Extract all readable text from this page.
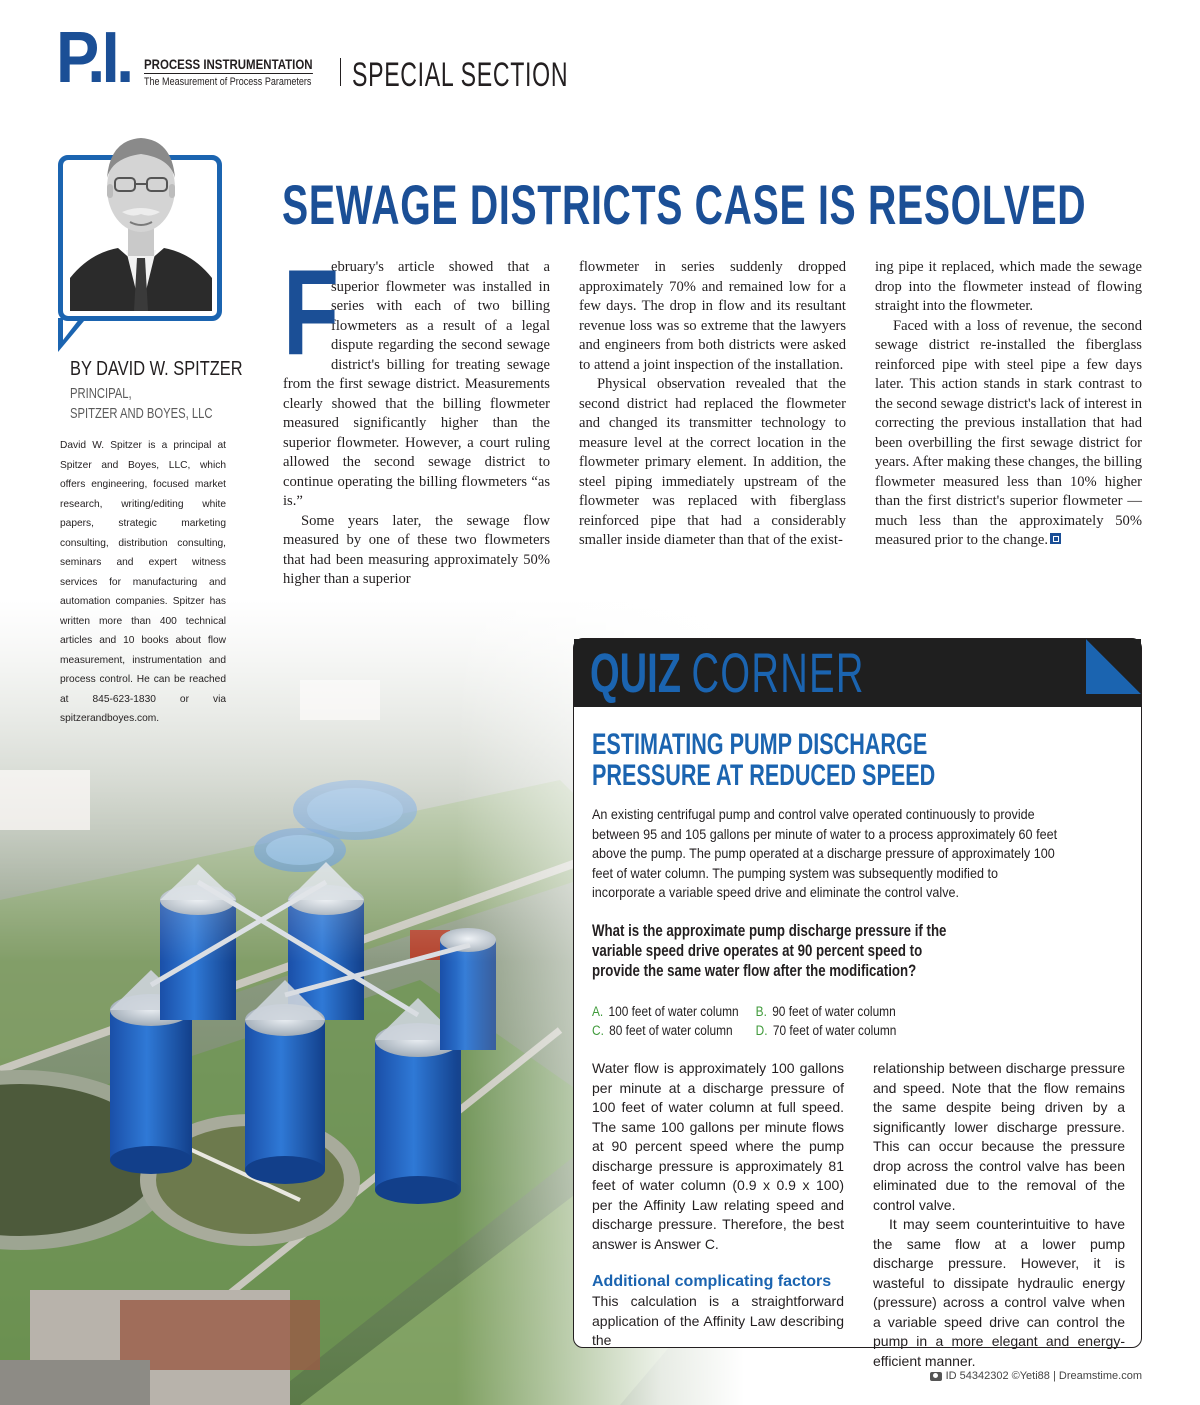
P.I. PROCESS INSTRUMENTATION
The Measurement of Process Parameters SPECIAL SECTION
BY DAVID W. SPITZER
PRINCIPAL,
SPITZER AND BOYES, LLC
David W. Spitzer is a principal at Spitzer and Boyes, LLC, which offers engineering, focused market research, writing/editing white papers, strategic marketing consulting, distribution consulting, seminars and expert witness services for manufacturing and automation companies. Spitzer has written more than 400 technical articles and 10 books about flow measurement, instrumentation and process control. He can be reached at 845-623-1830 or via spitzerandboyes.com.
SEWAGE DISTRICTS CASE IS RESOLVED

F
ebruary's article showed that a superior flowmeter was installed in series with each of two billing flowmeters as a result of a legal dispute regarding the second sewage district's billing for treating sewage from the first sewage district. Measurements clearly showed that the billing flowmeter measured significantly higher than the superior flowmeter. However, a court ruling allowed the second sewage district to continue operating the billing flowmeters “as is.”

Some years later, the sewage flow measured by one of these two flowmeters that had been measuring approximately 50% higher than a superior

flowmeter in series suddenly dropped approximately 70% and remained low for a few days. The drop in flow and its resultant revenue loss was so extreme that the lawyers and engineers from both districts were asked to attend a joint inspection of the installation.

Physical observation revealed that the second district had replaced the flowmeter and changed its transmitter technology to measure level at the correct location in the flowmeter primary element. In addition, the steel piping immediately upstream of the flowmeter was replaced with fiberglass reinforced pipe that had a considerably smaller inside diameter than that of the exist-

ing pipe it replaced, which made the sewage drop into the flowmeter instead of flowing straight into the flowmeter.

Faced with a loss of revenue, the second sewage district re-installed the fiberglass reinforced pipe with steel pipe a few days later. This action stands in stark contrast to the second sewage district's lack of interest in correcting the previous installation that had been overbilling the first sewage district for years. After making these changes, the billing flowmeter measured less than 10% higher than the first district's superior flowmeter — much less than the approximately 50% measured prior to the change.

QUIZ CORNER
ESTIMATING PUMP DISCHARGE
PRESSURE AT REDUCED SPEED
An existing centrifugal pump and control valve operated continuously to provide between 95 and 105 gallons per minute of water to a process approximately 60 feet above the pump. The pump operated at a discharge pressure of approximately 100 feet of water column. The pumping system was subsequently modified to incorporate a variable speed drive and eliminate the control valve.
What is the approximate pump discharge pressure if the variable speed drive operates at 90 percent speed to provide the same water flow after the modification?
A. 100 feet of water column B. 90 feet of water column
C. 80 feet of water column D. 70 feet of water column

Water flow is approximately 100 gallons per minute at a discharge pressure of 100 feet of water column at full speed. The same 100 gallons per minute flows at 90 percent speed where the pump discharge pressure is approximately 81 feet of water column (0.9 x 0.9 x 100) per the Affinity Law relating speed and discharge pressure. Therefore, the best answer is Answer C.

Additional complicating factors

This calculation is a straightforward application of the Affinity Law describing the

relationship between discharge pressure and speed. Note that the flow remains the same despite being driven by a significantly lower discharge pressure. This can occur because the pressure drop across the control valve has been eliminated due to the removal of the control valve.

It may seem counterintuitive to have the same flow at a lower pump discharge pressure. However, it is wasteful to dissipate hydraulic energy (pressure) across a control valve when a variable speed drive can control the pump in a more elegant and energy-efficient manner.

ID 54342302 ©Yeti88 | Dreamstime.com
